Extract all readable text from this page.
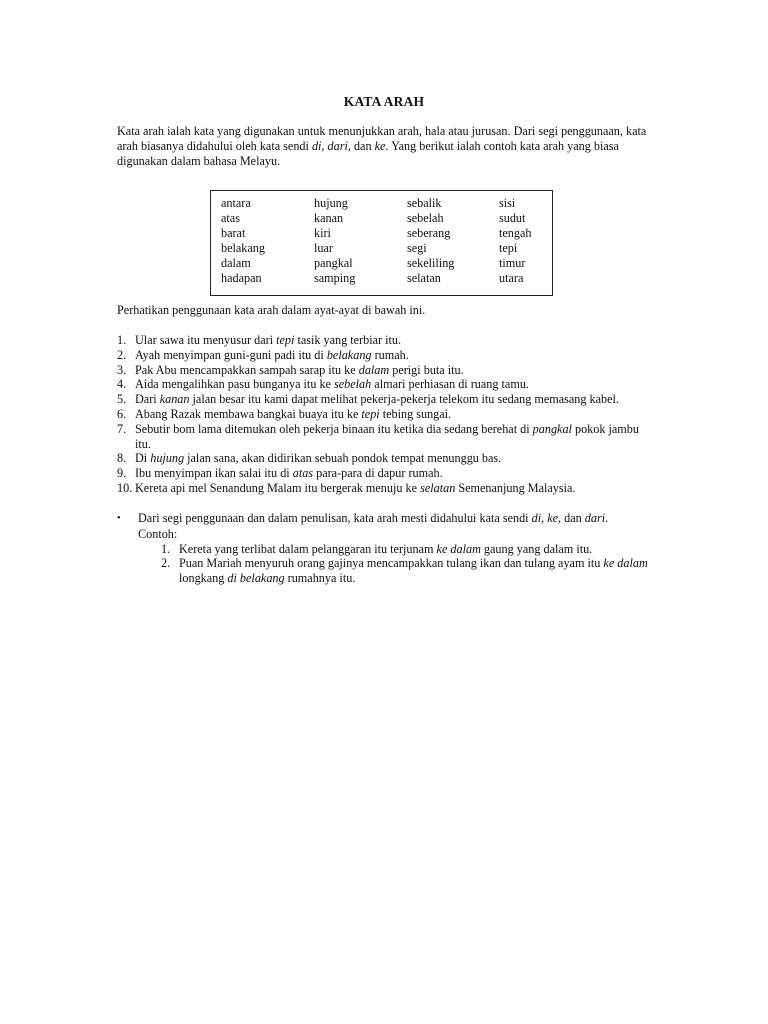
KATA ARAH

Kata arah ialah kata yang digunakan untuk menunjukkan arah, hala atau jurusan. Dari segi penggunaan, kata arah biasanya didahului oleh kata sendi di, dari, dan ke. Yang berikut ialah contoh kata arah yang biasa digunakan dalam bahasa Melayu.

antara	hujung	sebalik	sisi
atas	kanan	sebelah	sudut
barat	kiri	seberang	tengah
belakang	luar	segi	tepi
dalam	pangkal	sekeliling	timur
hadapan	samping	selatan	utara
Perhatikan penggunaan kata arah dalam ayat-ayat di bawah ini.
1. Ular sawa itu menyusur dari tepi tasik yang terbiar itu.
2. Ayah menyimpan guni-guni padi itu di belakang rumah.
3. Pak Abu mencampakkan sampah sarap itu ke dalam perigi buta itu.
4. Aida mengalihkan pasu bunganya itu ke sebelah almari perhiasan di ruang tamu.
5. Dari kanan jalan besar itu kami dapat melihat pekerja-pekerja telekom itu sedang memasang kabel.
6. Abang Razak membawa bangkai buaya itu ke tepi tebing sungai.
7. Sebutir bom lama ditemukan oleh pekerja binaan itu ketika dia sedang berehat di pangkal pokok jambu itu.
8. Di hujung jalan sana, akan didirikan sebuah pondok tempat menunggu bas.
9. Ibu menyimpan ikan salai itu di atas para-para di dapur rumah.
10. Kereta api mel Senandung Malam itu bergerak menuju ke selatan Semenanjung Malaysia.
•	Dari segi penggunaan dan dalam penulisan, kata arah mesti didahului kata sendi di, ke, dan dari.
Contoh:
1. Kereta yang terlibat dalam pelanggaran itu terjunam ke dalam gaung yang dalam itu.
2. Puan Mariah menyuruh orang gajinya mencampakkan tulang ikan dan tulang ayam itu ke dalam longkang di belakang rumahnya itu.
